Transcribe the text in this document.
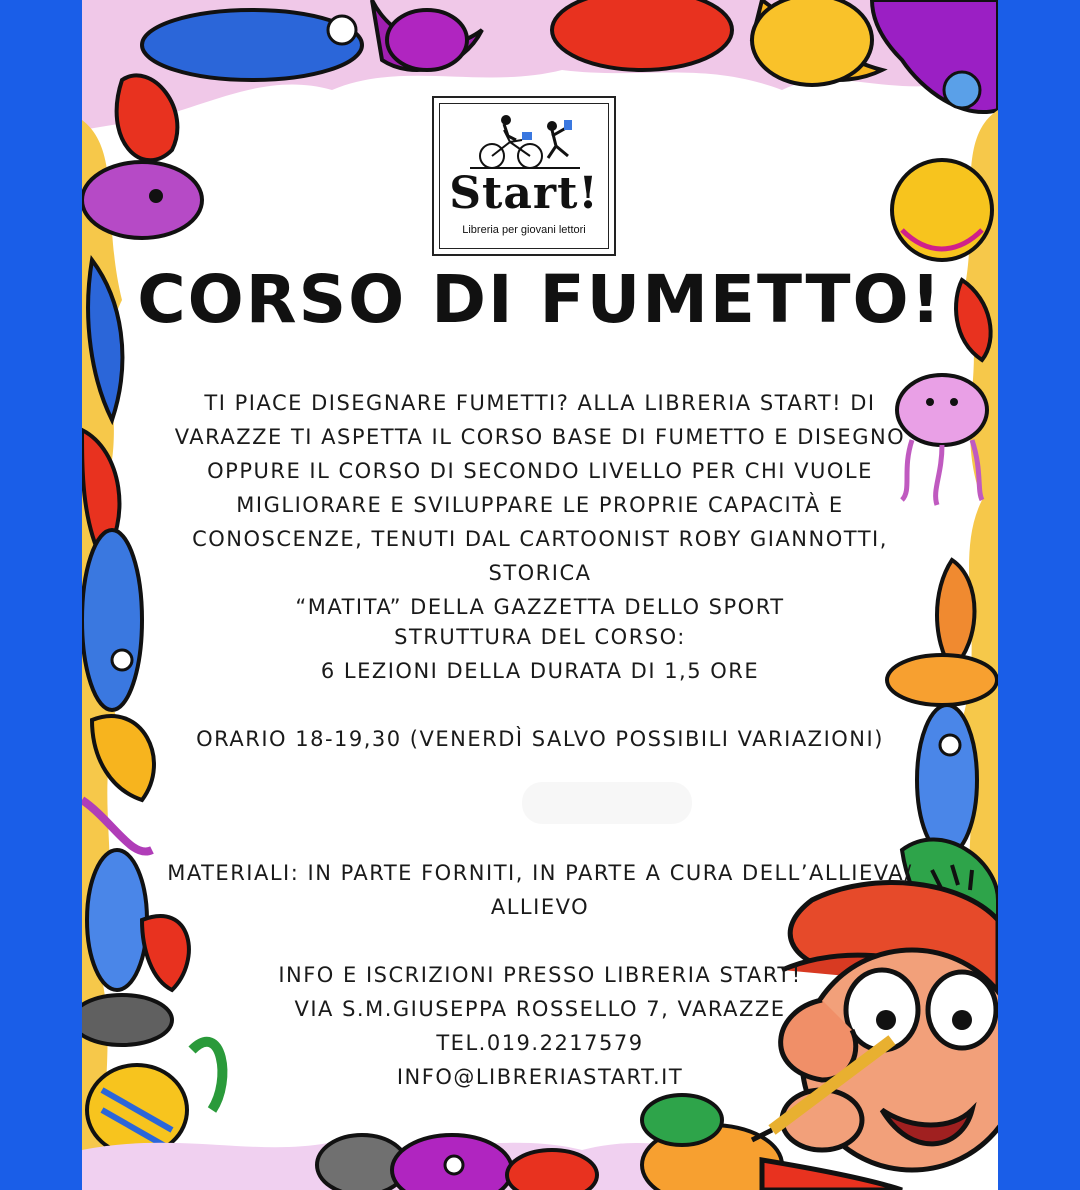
Start!
Libreria per giovani lettori
CORSO DI FUMETTO!
TI PIACE DISEGNARE FUMETTI? ALLA LIBRERIA START! DI
VARAZZE TI ASPETTA IL CORSO BASE DI FUMETTO E DISEGNO
OPPURE IL CORSO DI SECONDO LIVELLO PER CHI VUOLE
MIGLIORARE E SVILUPPARE LE PROPRIE CAPACITÀ E
CONOSCENZE, TENUTI DAL CARTOONIST ROBY GIANNOTTI, STORICA
“MATITA” DELLA GAZZETTA DELLO SPORT
STRUTTURA DEL CORSO:
6 LEZIONI DELLA DURATA DI 1,5 ORE
ORARIO 18-19,30 (VENERDÌ SALVO POSSIBILI VARIAZIONI)
MATERIALI: IN PARTE FORNITI, IN PARTE A CURA DELL’ALLIEVA/
ALLIEVO
INFO E ISCRIZIONI PRESSO LIBRERIA START!
VIA S.M.GIUSEPPA ROSSELLO 7, VARAZZE
TEL.019.2217579
INFO@LIBRERIASTART.IT
